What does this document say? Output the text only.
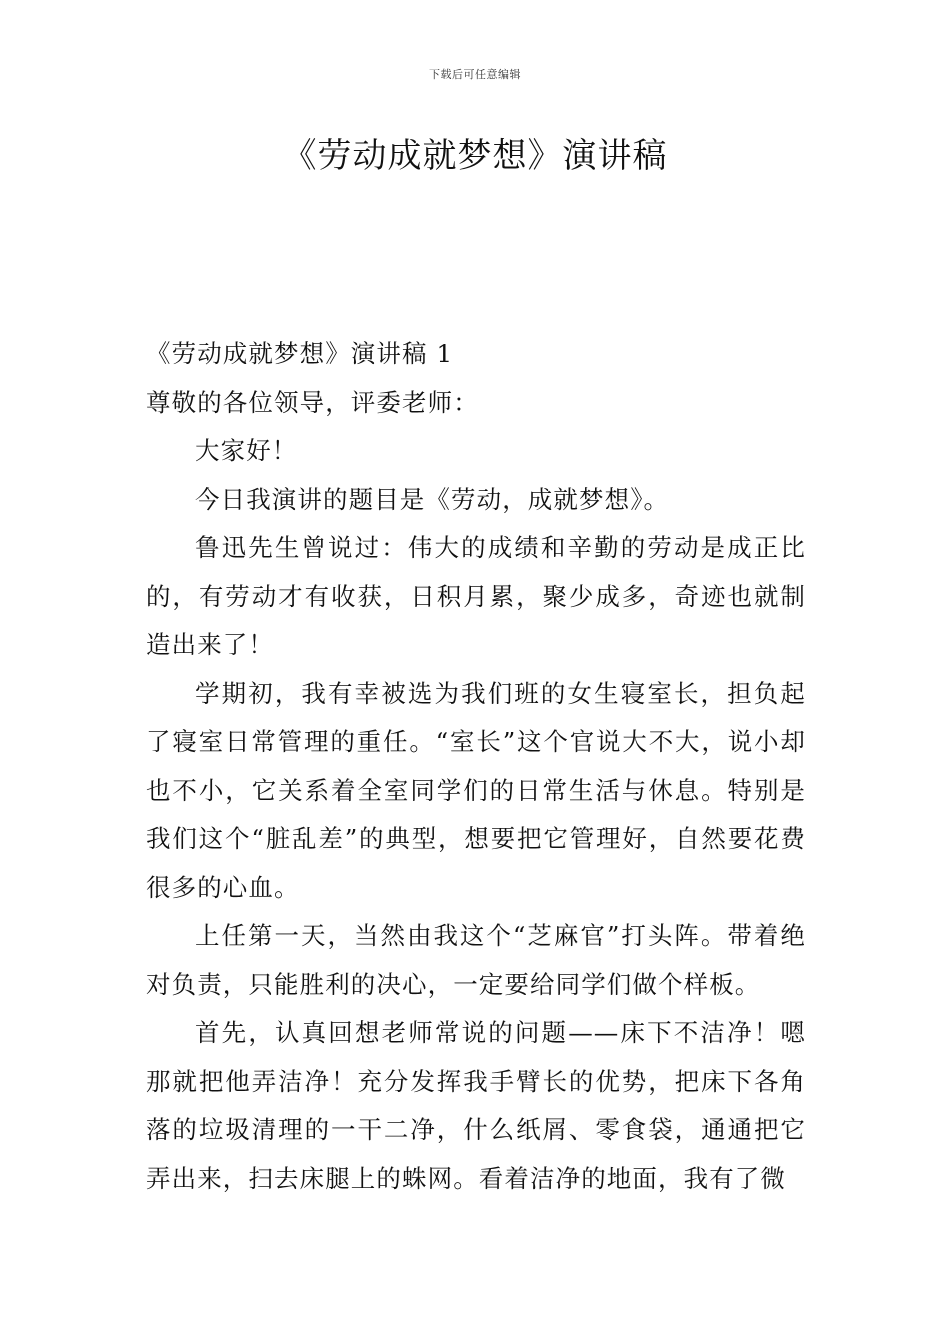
下载后可任意编辑
《劳动成就梦想》演讲稿

《劳动成就梦想》演讲稿 1

尊敬的各位领导，评委老师：

大家好！

今日我演讲的题目是《劳动，成就梦想》。

鲁迅先生曾说过：伟大的成绩和辛勤的劳动是成正比的，有劳动才有收获，日积月累，聚少成多，奇迹也就制造出来了！

学期初，我有幸被选为我们班的女生寝室长，担负起了寝室日常管理的重任。“室长”这个官说大不大，说小却也不小，它关系着全室同学们的日常生活与休息。特别是我们这个“脏乱差”的典型，想要把它管理好，自然要花费很多的心血。

上任第一天，当然由我这个“芝麻官”打头阵。带着绝对负责，只能胜利的决心，一定要给同学们做个样板。

首先，认真回想老师常说的问题——床下不洁净！嗯那就把他弄洁净！充分发挥我手臂长的优势，把床下各角落的垃圾清理的一干二净，什么纸屑、零食袋，通通把它弄出来，扫去床腿上的蛛网。看着洁净的地面，我有了微
